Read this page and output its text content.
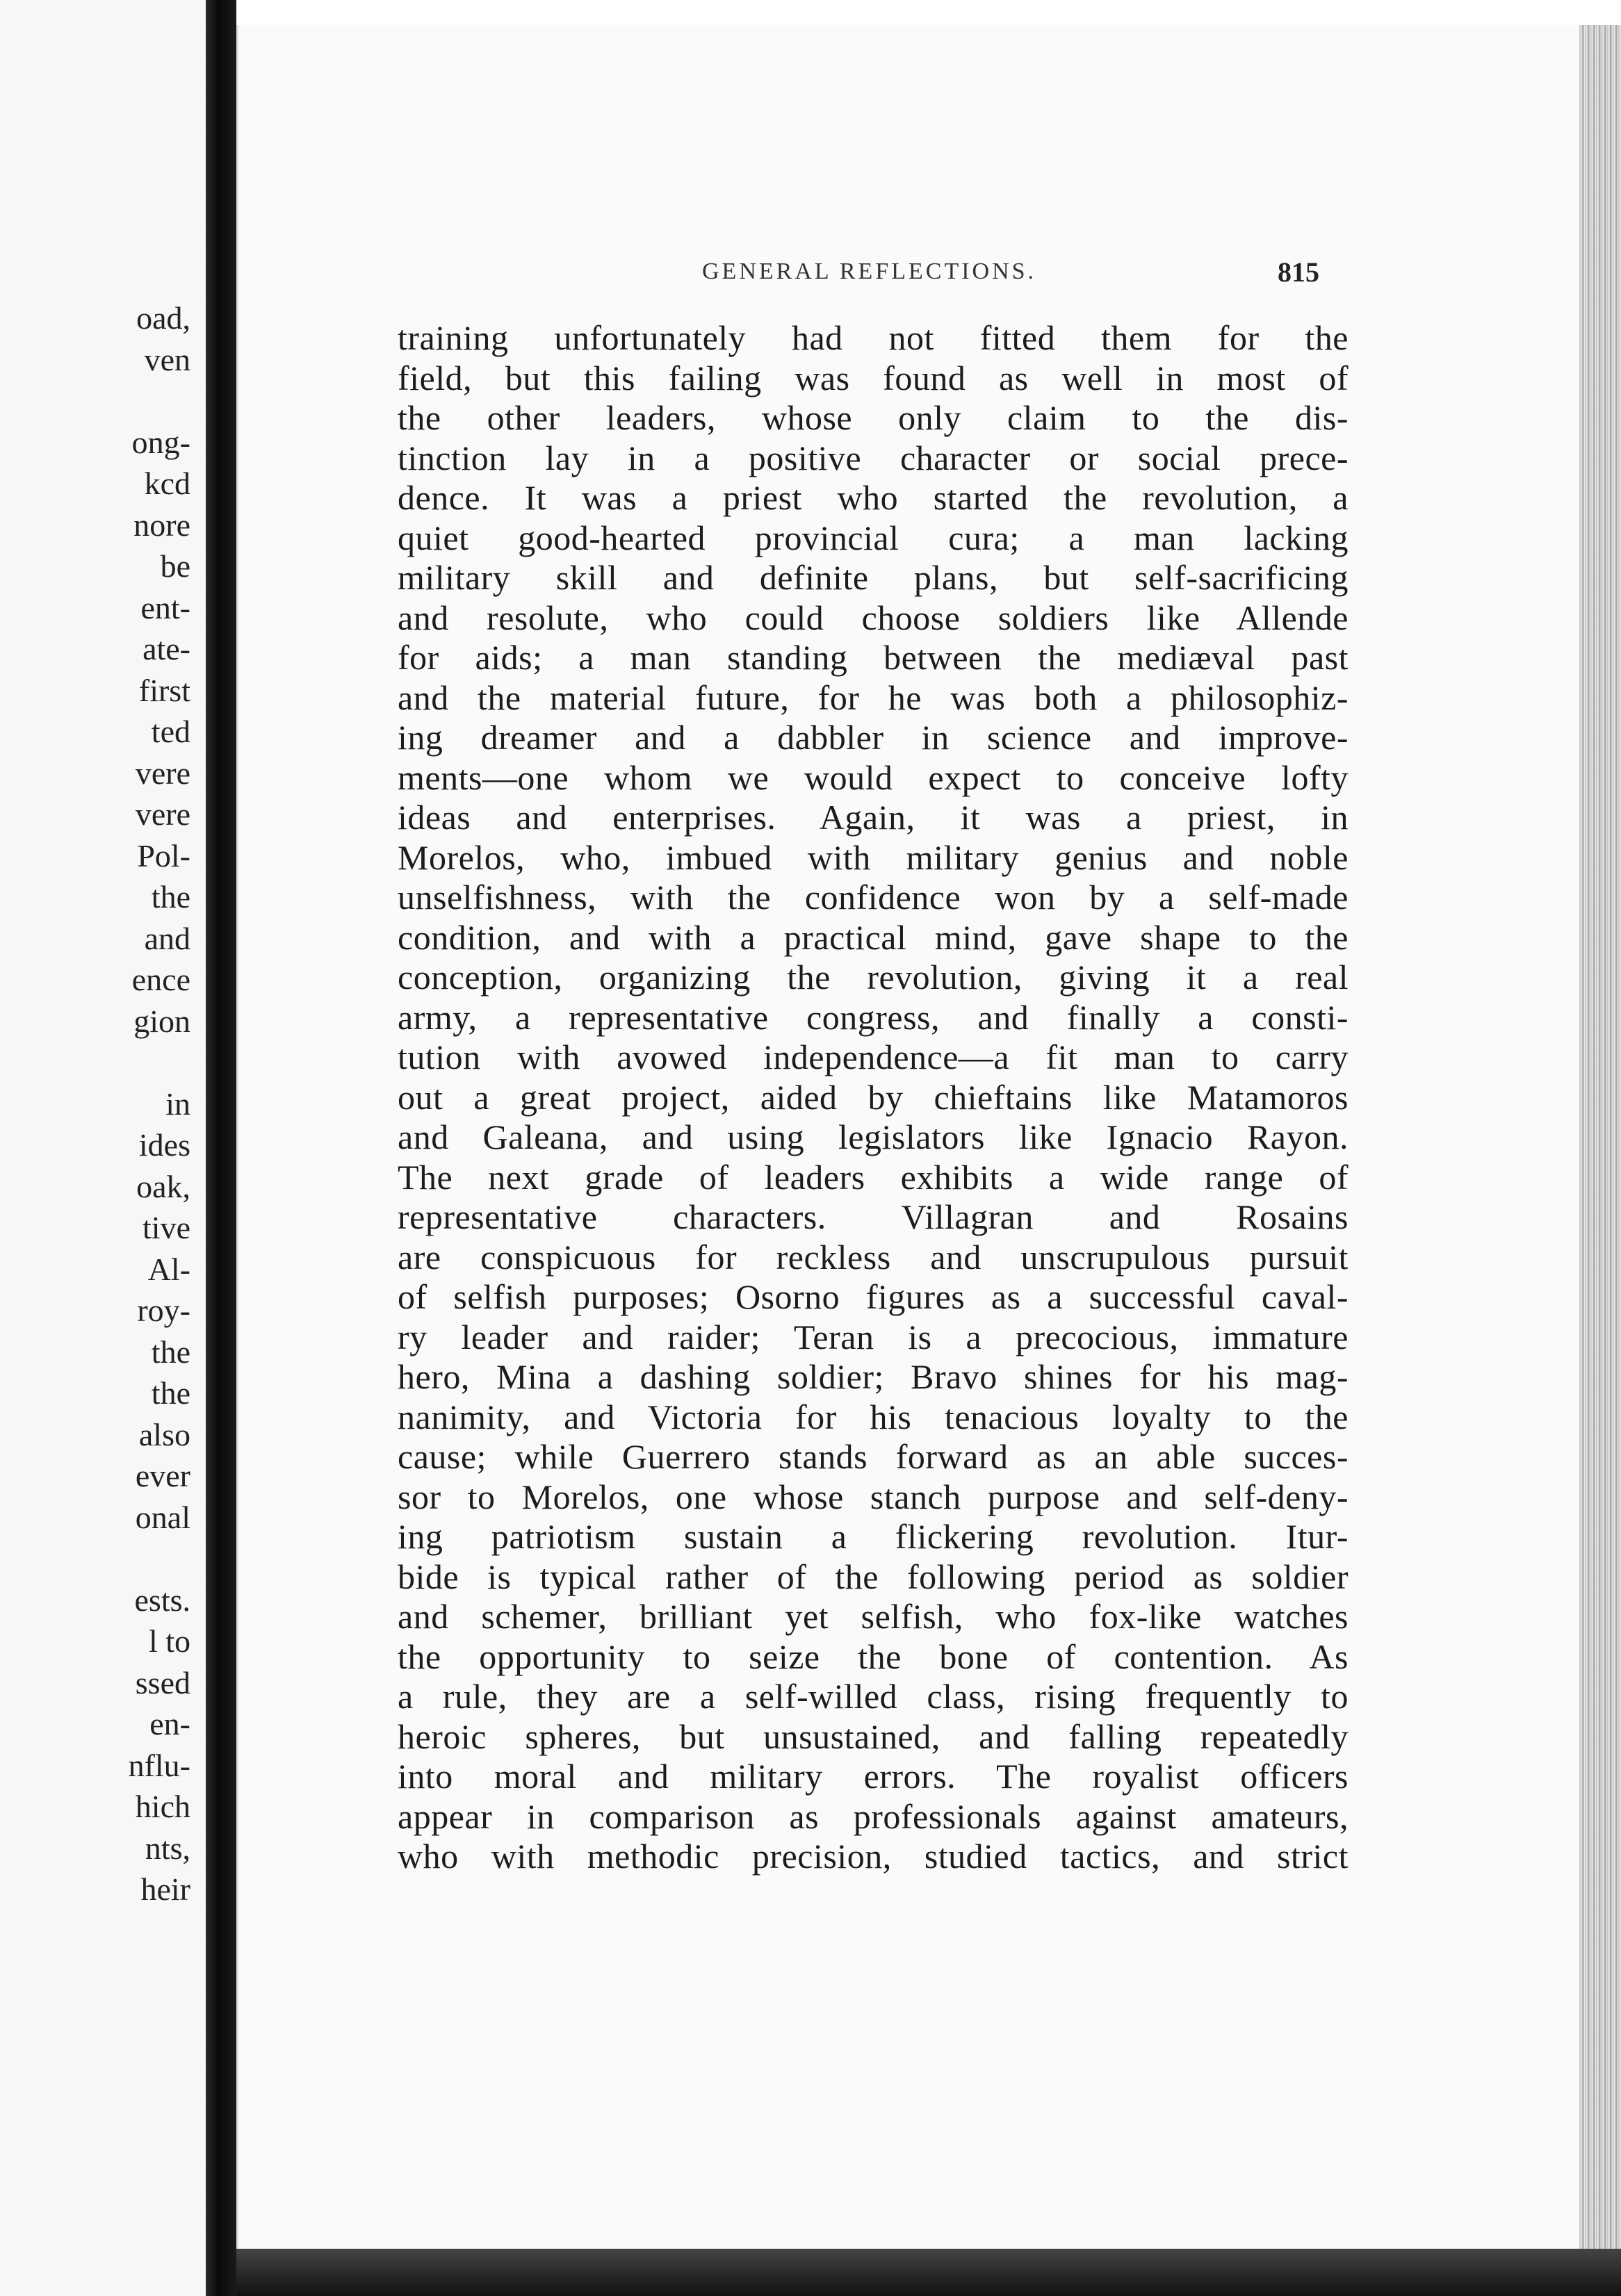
oad,
ven
ong-
kcd
nore
be
ent-
ate-
first
ted
vere
vere
Pol-
the
and
ence
gion
in
ides
oak,
tive
Al-
roy-
the
the
also
ever
onal
ests.
l to
ssed
en-
nflu-
hich
nts,
heir
GENERAL REFLECTIONS.	815
training unfortunately had not fitted them for the
field, but this failing was found as well in most of
the other leaders, whose only claim to the dis-
tinction lay in a positive character or social prece-
dence. It was a priest who started the revolution, a
quiet good-hearted provincial cura; a man lacking
military skill and definite plans, but self-sacrificing
and resolute, who could choose soldiers like Allende
for aids; a man standing between the mediæval past
and the material future, for he was both a philosophiz-
ing dreamer and a dabbler in science and improve-
ments—one whom we would expect to conceive lofty
ideas and enterprises. Again, it was a priest, in
Morelos, who, imbued with military genius and noble
unselfishness, with the confidence won by a self-made
condition, and with a practical mind, gave shape to the
conception, organizing the revolution, giving it a real
army, a representative congress, and finally a consti-
tution with avowed independence—a fit man to carry
out a great project, aided by chieftains like Matamoros
and Galeana, and using legislators like Ignacio Rayon.
The next grade of leaders exhibits a wide range of
representative characters. Villagran and Rosains
are conspicuous for reckless and unscrupulous pursuit
of selfish purposes; Osorno figures as a successful caval-
ry leader and raider; Teran is a precocious, immature
hero, Mina a dashing soldier; Bravo shines for his mag-
nanimity, and Victoria for his tenacious loyalty to the
cause; while Guerrero stands forward as an able succes-
sor to Morelos, one whose stanch purpose and self-deny-
ing patriotism sustain a flickering revolution. Itur-
bide is typical rather of the following period as soldier
and schemer, brilliant yet selfish, who fox-like watches
the opportunity to seize the bone of contention. As
a rule, they are a self-willed class, rising frequently to
heroic spheres, but unsustained, and falling repeatedly
into moral and military errors. The royalist officers
appear in comparison as professionals against amateurs,
who with methodic precision, studied tactics, and strict
